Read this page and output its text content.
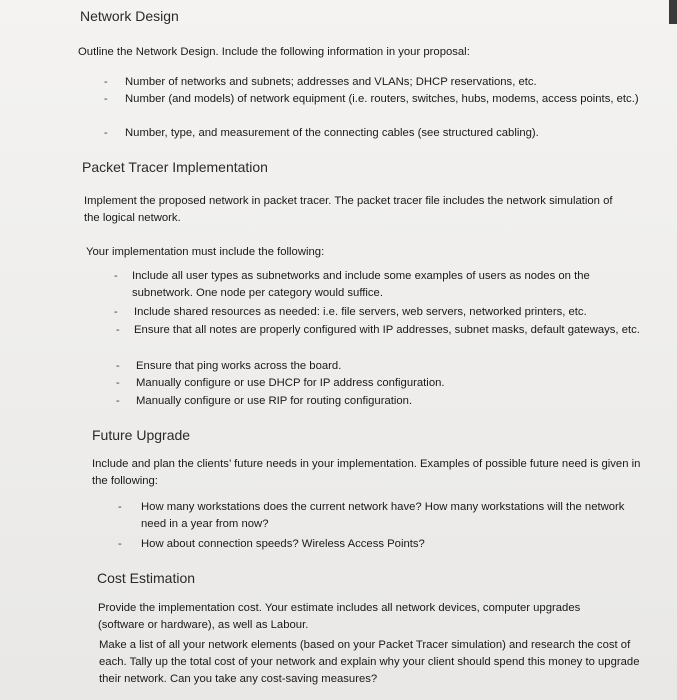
Network Design
Outline the Network Design. Include the following information in your proposal:
- Number of networks and subnets; addresses and VLANs; DHCP reservations, etc.
- Number (and models) of network equipment (i.e. routers, switches, hubs, modems, access points, etc.)
- Number, type, and measurement of the connecting cables (see structured cabling).
Packet Tracer Implementation
Implement the proposed network in packet tracer. The packet tracer file includes the network simulation of the logical network.
Your implementation must include the following:
- Include all user types as subnetworks and include some examples of users as nodes on the subnetwork. One node per category would suffice.
- Include shared resources as needed: i.e. file servers, web servers, networked printers, etc.
- Ensure that all notes are properly configured with IP addresses, subnet masks, default gateways, etc.
- Ensure that ping works across the board.
- Manually configure or use DHCP for IP address configuration.
- Manually configure or use RIP for routing configuration.
Future Upgrade
Include and plan the clients’ future needs in your implementation. Examples of possible future need is given in the following:
- How many workstations does the current network have? How many workstations will the network need in a year from now?
- How about connection speeds? Wireless Access Points?
Cost Estimation
Provide the implementation cost. Your estimate includes all network devices, computer upgrades (software or hardware), as well as Labour.
Make a list of all your network elements (based on your Packet Tracer simulation) and research the cost of each. Tally up the total cost of your network and explain why your client should spend this money to upgrade their network. Can you take any cost-saving measures?
